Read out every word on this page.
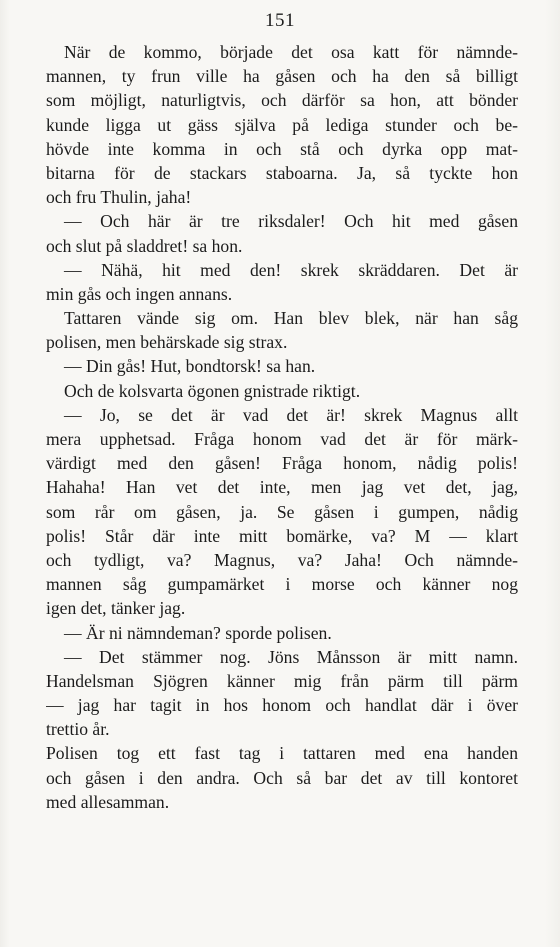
151
När de kommo, började det osa katt för nämnde-
mannen, ty frun ville ha gåsen och ha den så billigt
som möjligt, naturligtvis, och därför sa hon, att bönder
kunde ligga ut gäss själva på lediga stunder och be-
hövde inte komma in och stå och dyrka opp mat-
bitarna för de stackars staboarna. Ja, så tyckte hon
och fru Thulin, jaha!
— Och här är tre riksdaler! Och hit med gåsen
och slut på sladdret! sa hon.
— Nähä, hit med den! skrek skräddaren. Det är
min gås och ingen annans.
Tattaren vände sig om. Han blev blek, när han såg
polisen, men behärskade sig strax.
— Din gås! Hut, bondtorsk! sa han.
Och de kolsvarta ögonen gnistrade riktigt.
— Jo, se det är vad det är! skrek Magnus allt
mera upphetsad. Fråga honom vad det är för märk-
värdigt med den gåsen! Fråga honom, nådig polis!
Hahaha! Han vet det inte, men jag vet det, jag,
som rår om gåsen, ja. Se gåsen i gumpen, nådig
polis! Står där inte mitt bomärke, va? M — klart
och tydligt, va? Magnus, va? Jaha! Och nämnde-
mannen såg gumpamärket i morse och känner nog
igen det, tänker jag.
— Är ni nämndeman? sporde polisen.
— Det stämmer nog. Jöns Månsson är mitt namn.
Handelsman Sjögren känner mig från pärm till pärm
— jag har tagit in hos honom och handlat där i över
trettio år.
Polisen tog ett fast tag i tattaren med ena handen
och gåsen i den andra. Och så bar det av till kontoret
med allesamman.
